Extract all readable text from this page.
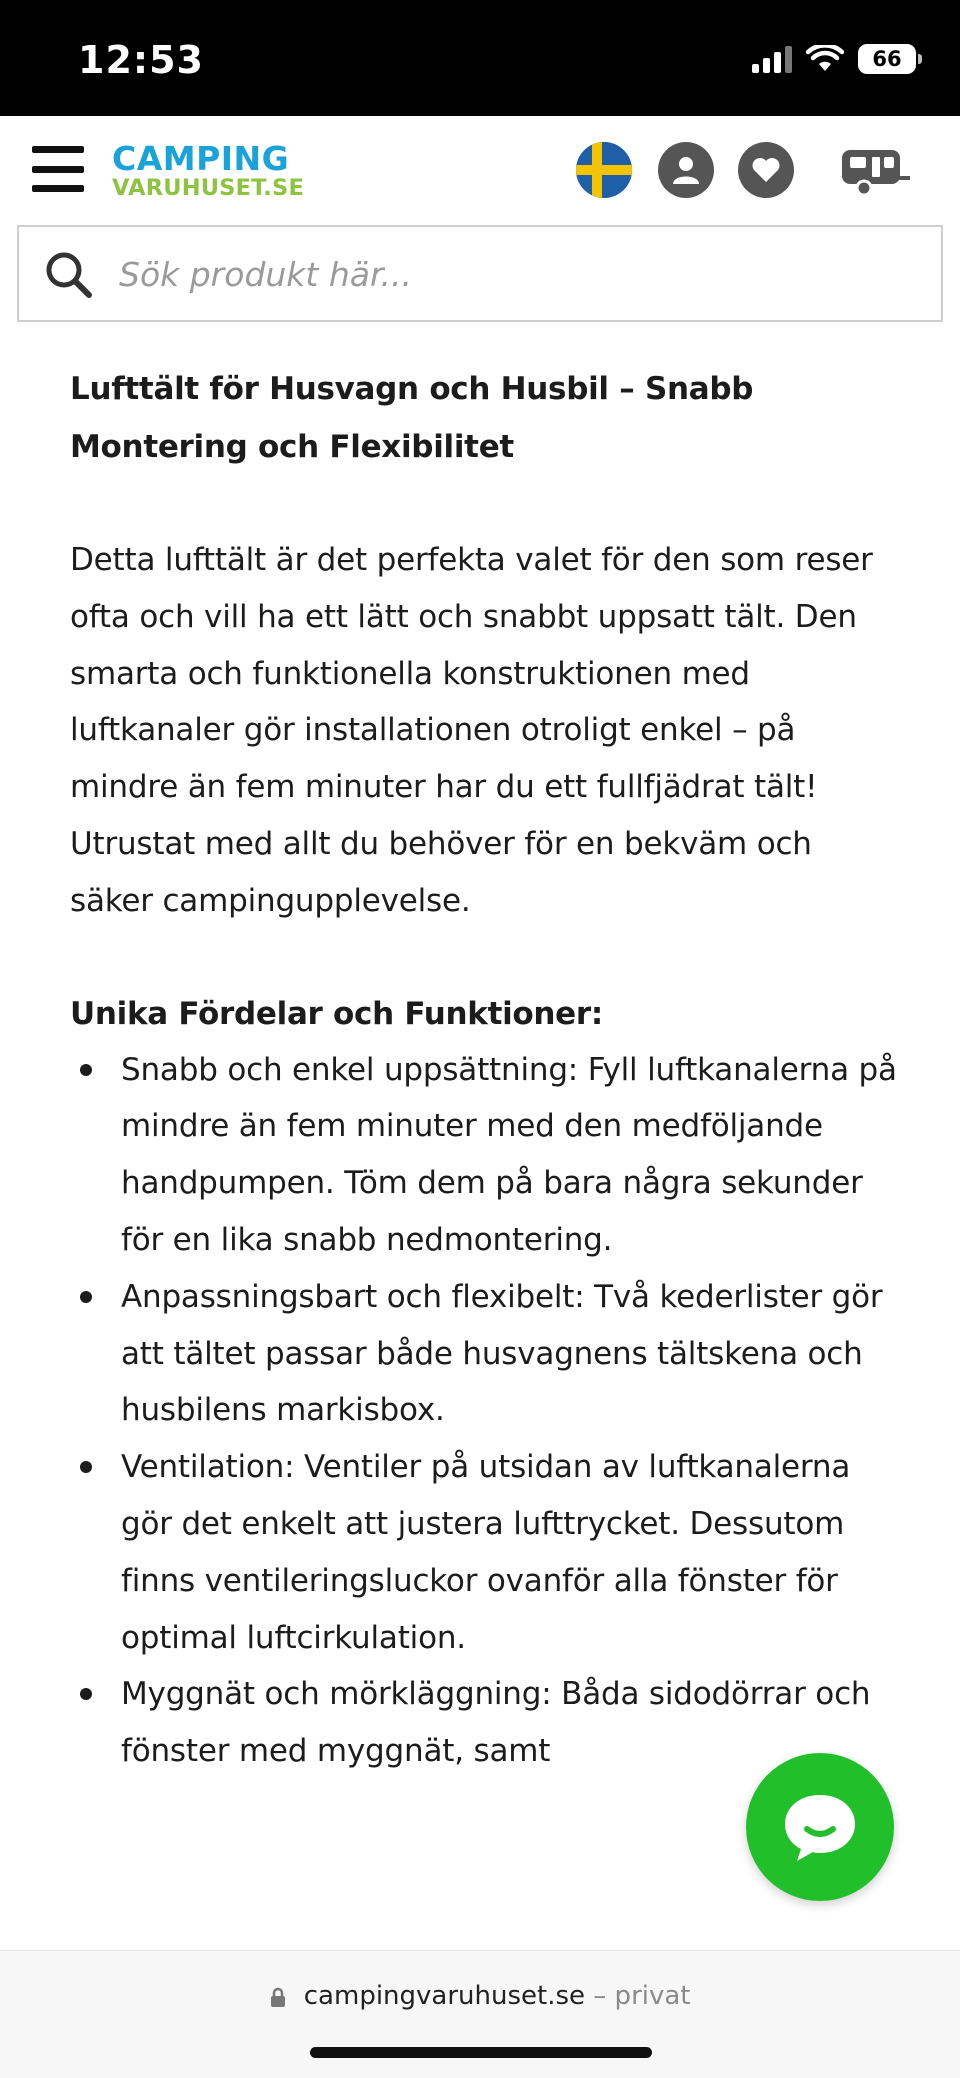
12:53	66
CAMPING
VARUHUSET.SE
Sök produkt här...
Lufttält för Husvagn och Husbil – Snabb Montering och Flexibilitet

Detta lufttält är det perfekta valet för den som reser ofta och vill ha ett lätt och snabbt uppsatt tält. Den smarta och funktionella konstruktionen med luftkanaler gör installationen otroligt enkel – på mindre än fem minuter har du ett fullfjädrat tält! Utrustat med allt du behöver för en bekväm och säker campingupplevelse.

Unika Fördelar och Funktioner:
Snabb och enkel uppsättning: Fyll luftkanalerna på mindre än fem minuter med den medföljande handpumpen. Töm dem på bara några sekunder för en lika snabb nedmontering.
Anpassningsbart och flexibelt: Två kederlister gör att tältet passar både husvagnens tältskena och husbilens markisbox.
Ventilation: Ventiler på utsidan av luftkanalerna gör det enkelt att justera lufttrycket. Dessutom finns ventileringsluckor ovanför alla fönster för optimal luftcirkulation.
Myggnät och mörkläggning: Båda sidodörrar och fönster med myggnät, samt
campingvaruhuset.se – privat
